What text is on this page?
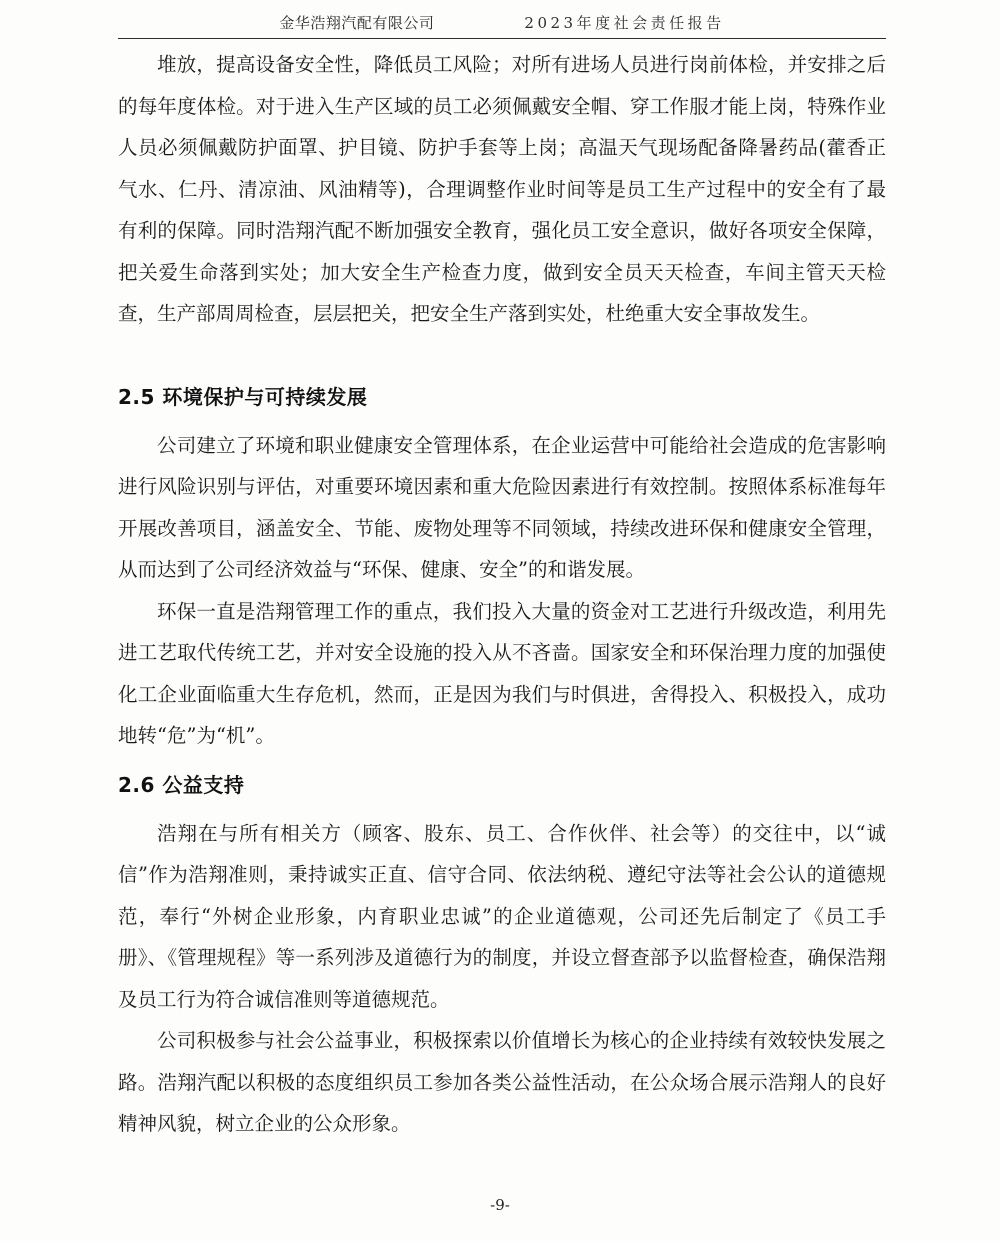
金华浩翔汽配有限公司	2023年度社会责任报告

堆放，提高设备安全性，降低员工风险；对所有进场人员进行岗前体检，并安排之后的每年度体检。对于进入生产区域的员工必须佩戴安全帽、穿工作服才能上岗，特殊作业人员必须佩戴防护面罩、护目镜、防护手套等上岗；高温天气现场配备降暑药品(藿香正气水、仁丹、清凉油、风油精等)，合理调整作业时间等是员工生产过程中的安全有了最有利的保障。同时浩翔汽配不断加强安全教育，强化员工安全意识，做好各项安全保障，把关爱生命落到实处；加大安全生产检查力度，做到安全员天天检查，车间主管天天检查，生产部周周检查，层层把关，把安全生产落到实处，杜绝重大安全事故发生。

2.5 环境保护与可持续发展

公司建立了环境和职业健康安全管理体系，在企业运营中可能给社会造成的危害影响进行风险识别与评估，对重要环境因素和重大危险因素进行有效控制。按照体系标准每年开展改善项目，涵盖安全、节能、废物处理等不同领域，持续改进环保和健康安全管理，从而达到了公司经济效益与“环保、健康、安全”的和谐发展。

环保一直是浩翔管理工作的重点，我们投入大量的资金对工艺进行升级改造，利用先进工艺取代传统工艺，并对安全设施的投入从不吝啬。国家安全和环保治理力度的加强使化工企业面临重大生存危机，然而，正是因为我们与时俱进，舍得投入、积极投入，成功地转“危”为“机”。

2.6 公益支持

浩翔在与所有相关方（顾客、股东、员工、合作伙伴、社会等）的交往中，以“诚信”作为浩翔准则，秉持诚实正直、信守合同、依法纳税、遵纪守法等社会公认的道德规范，奉行“外树企业形象，内育职业忠诚”的企业道德观，公司还先后制定了《员工手册》、《管理规程》等一系列涉及道德行为的制度，并设立督查部予以监督检查，确保浩翔及员工行为符合诚信准则等道德规范。

公司积极参与社会公益事业，积极探索以价值增长为核心的企业持续有效较快发展之路。浩翔汽配以积极的态度组织员工参加各类公益性活动，在公众场合展示浩翔人的良好精神风貌，树立企业的公众形象。

-9-
